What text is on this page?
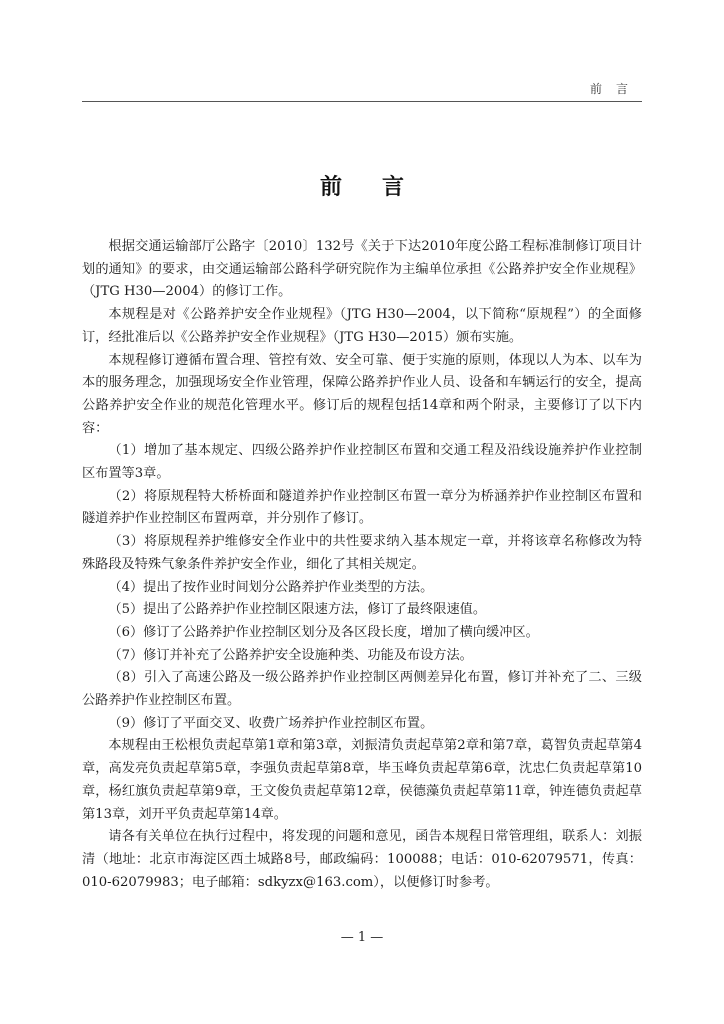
前言
前言

根据交通运输部厅公路字〔2010〕132号《关于下达2010年度公路工程标准制修订项目计划的通知》的要求，由交通运输部公路科学研究院作为主编单位承担《公路养护安全作业规程》（JTG H30—2004）的修订工作。

本规程是对《公路养护安全作业规程》（JTG H30—2004，以下简称“原规程”）的全面修订，经批准后以《公路养护安全作业规程》（JTG H30—2015）颁布实施。

本规程修订遵循布置合理、管控有效、安全可靠、便于实施的原则，体现以人为本、以车为本的服务理念，加强现场安全作业管理，保障公路养护作业人员、设备和车辆运行的安全，提高公路养护安全作业的规范化管理水平。修订后的规程包括14章和两个附录，主要修订了以下内容：

（1）增加了基本规定、四级公路养护作业控制区布置和交通工程及沿线设施养护作业控制区布置等3章。

（2）将原规程特大桥桥面和隧道养护作业控制区布置一章分为桥涵养护作业控制区布置和隧道养护作业控制区布置两章，并分别作了修订。

（3）将原规程养护维修安全作业中的共性要求纳入基本规定一章，并将该章名称修改为特殊路段及特殊气象条件养护安全作业，细化了其相关规定。

（4）提出了按作业时间划分公路养护作业类型的方法。

（5）提出了公路养护作业控制区限速方法，修订了最终限速值。

（6）修订了公路养护作业控制区划分及各区段长度，增加了横向缓冲区。

（7）修订并补充了公路养护安全设施种类、功能及布设方法。

（8）引入了高速公路及一级公路养护作业控制区两侧差异化布置，修订并补充了二、三级公路养护作业控制区布置。

（9）修订了平面交叉、收费广场养护作业控制区布置。

本规程由王松根负责起草第1章和第3章，刘振清负责起草第2章和第7章，葛智负责起草第4章，高发亮负责起草第5章，李强负责起草第8章，毕玉峰负责起草第6章，沈忠仁负责起草第10章，杨红旗负责起草第9章，王文俊负责起草第12章，侯德藻负责起草第11章，钟连德负责起草第13章，刘开平负责起草第14章。

请各有关单位在执行过程中，将发现的问题和意见，函告本规程日常管理组，联系人：刘振清（地址：北京市海淀区西土城路8号，邮政编码：100088；电话：010-62079571，传真：010-62079983；电子邮箱：sdkyzx@163.com），以便修订时参考。

— 1 —
